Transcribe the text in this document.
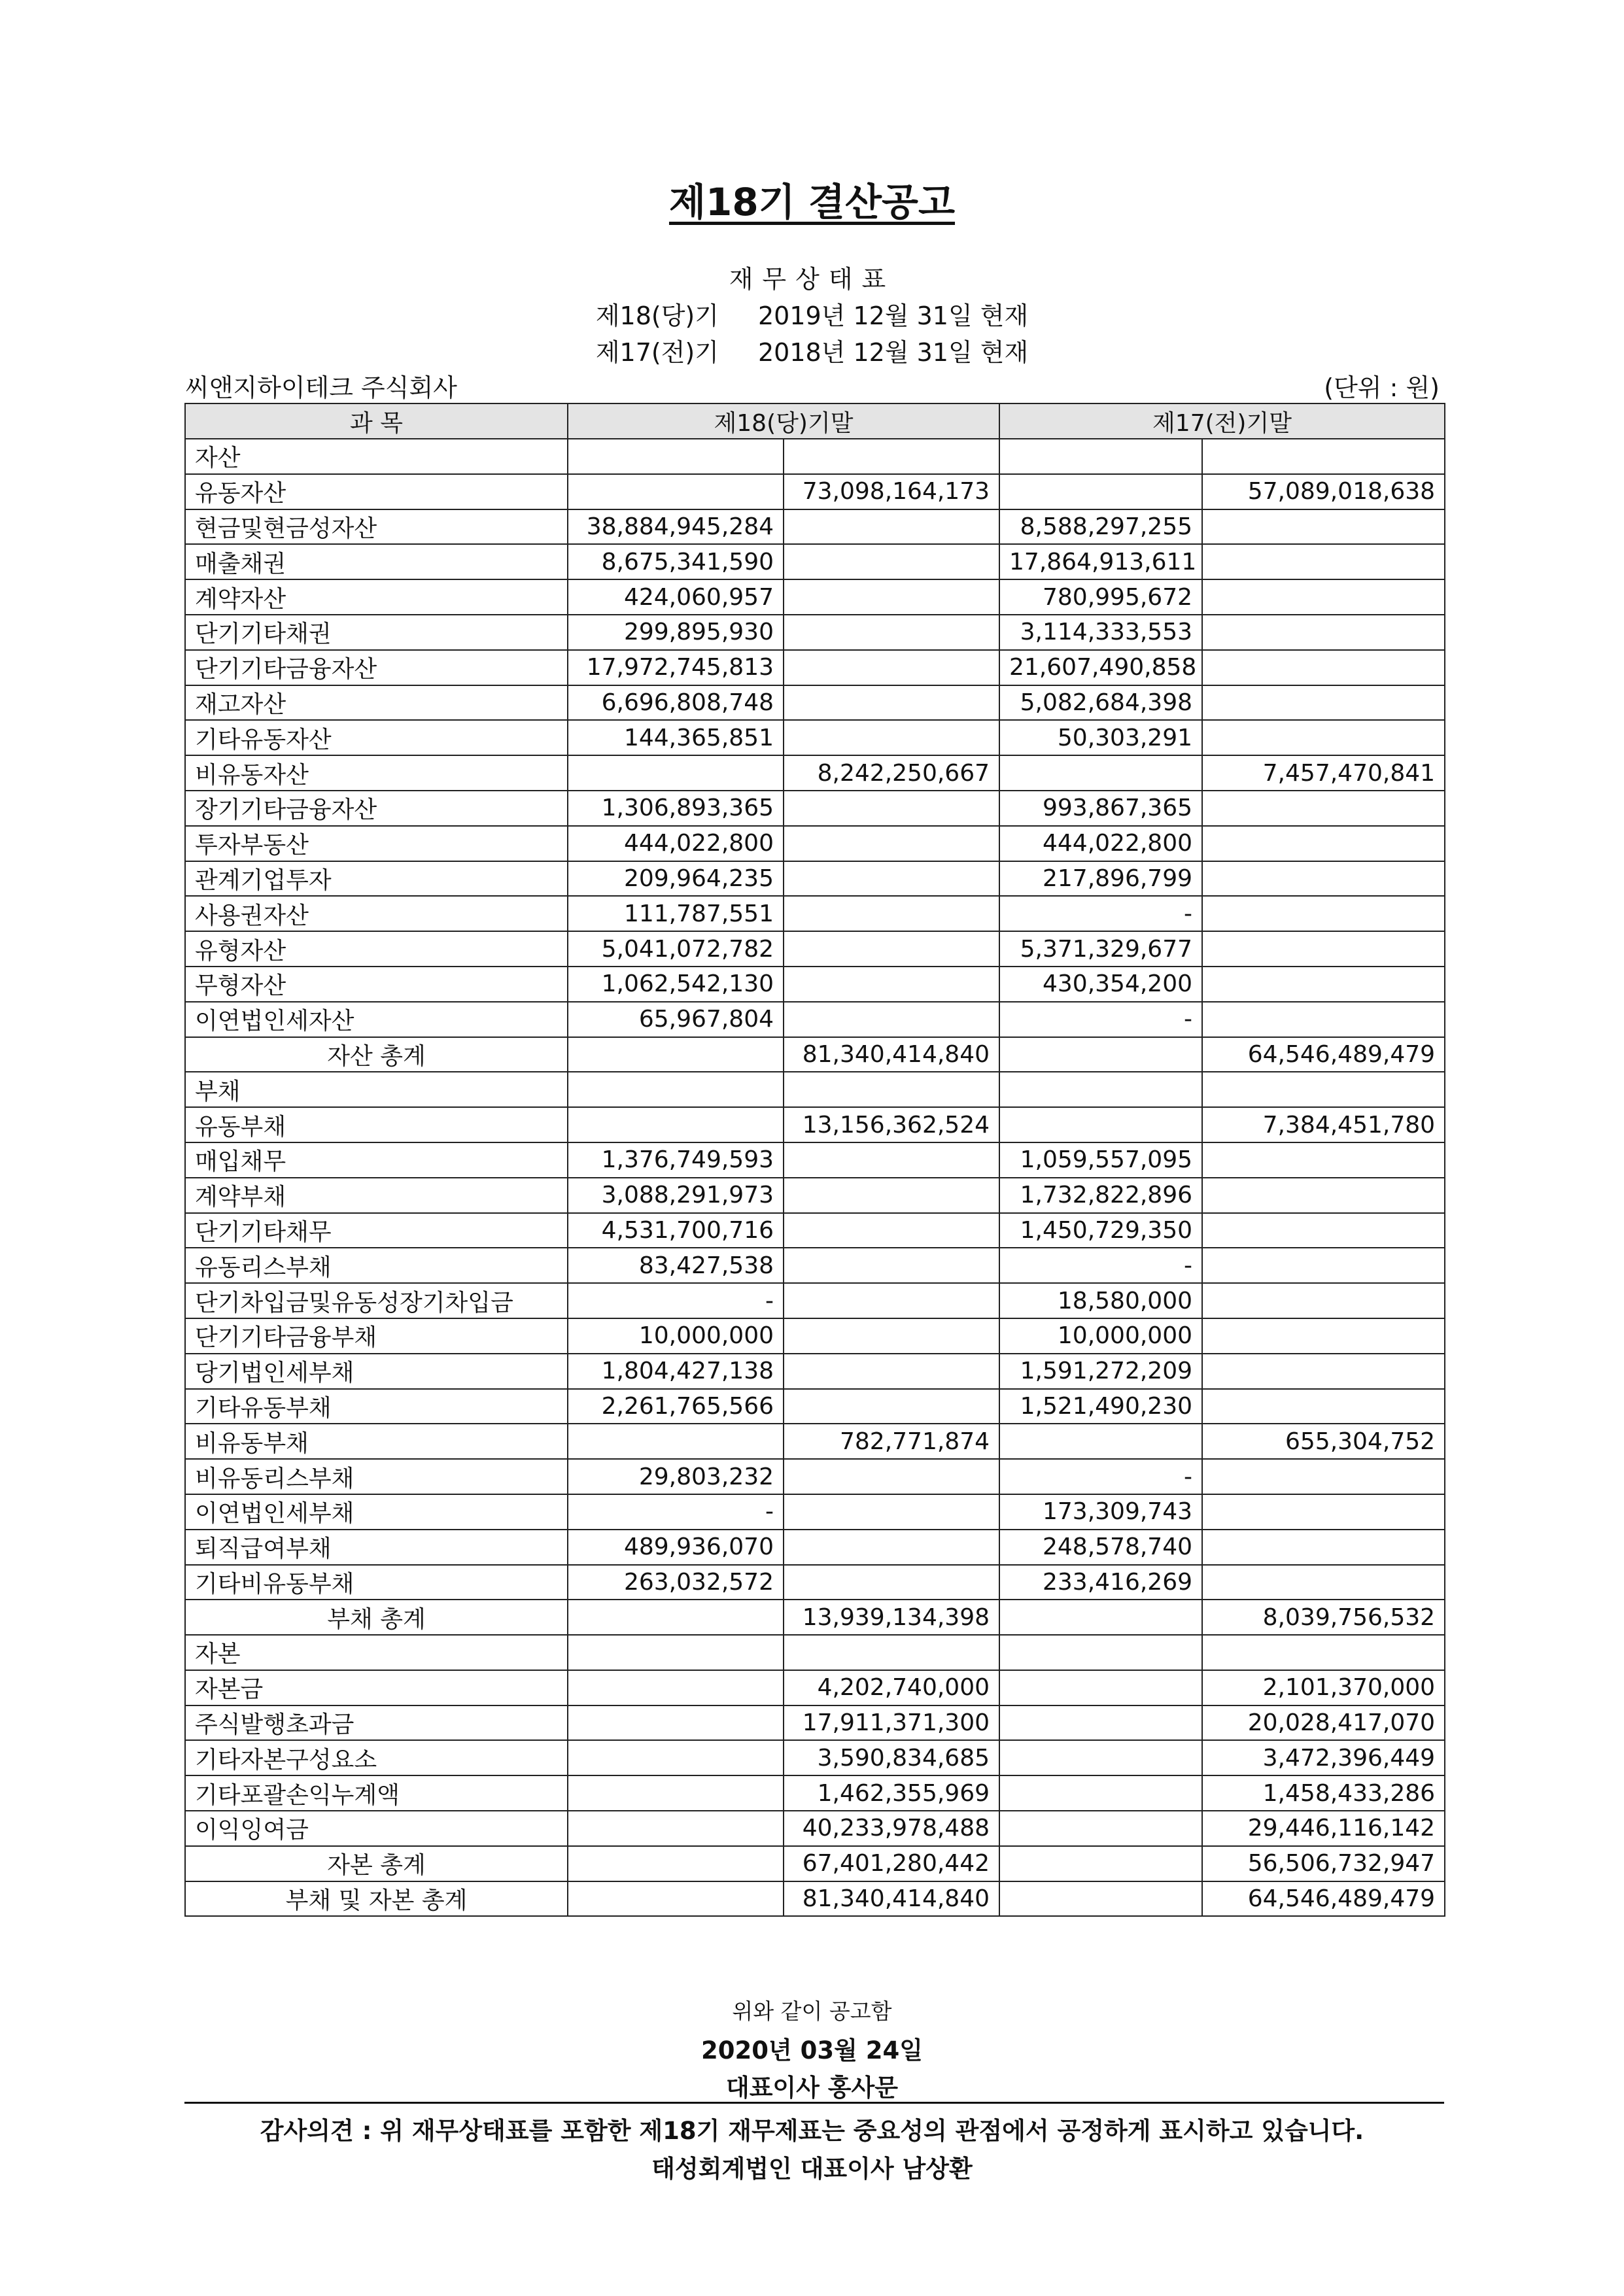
제18기 결산공고
재무상태표
제18(당)기 2019년 12월 31일 현재
제17(전)기 2018년 12월 31일 현재
씨앤지하이테크 주식회사	(단위 : 원)
과 목	제18(당)기말		제17(전)기말	
자산				
유동자산		73,098,164,173		57,089,018,638
현금및현금성자산	38,884,945,284		8,588,297,255	
매출채권	8,675,341,590		17,864,913,611	
계약자산	424,060,957		780,995,672	
단기기타채권	299,895,930		3,114,333,553	
단기기타금융자산	17,972,745,813		21,607,490,858	
재고자산	6,696,808,748		5,082,684,398	
기타유동자산	144,365,851		50,303,291	
비유동자산		8,242,250,667		7,457,470,841
장기기타금융자산	1,306,893,365		993,867,365	
투자부동산	444,022,800		444,022,800	
관계기업투자	209,964,235		217,896,799	
사용권자산	111,787,551		-	
유형자산	5,041,072,782		5,371,329,677	
무형자산	1,062,542,130		430,354,200	
이연법인세자산	65,967,804		-	
자산 총계		81,340,414,840		64,546,489,479
부채				
유동부채		13,156,362,524		7,384,451,780
매입채무	1,376,749,593		1,059,557,095	
계약부채	3,088,291,973		1,732,822,896	
단기기타채무	4,531,700,716		1,450,729,350	
유동리스부채	83,427,538		-	
단기차입금및유동성장기차입금	-		18,580,000	
단기기타금융부채	10,000,000		10,000,000	
당기법인세부채	1,804,427,138		1,591,272,209	
기타유동부채	2,261,765,566		1,521,490,230	
비유동부채		782,771,874		655,304,752
비유동리스부채	29,803,232		-	
이연법인세부채	-		173,309,743	
퇴직급여부채	489,936,070		248,578,740	
기타비유동부채	263,032,572		233,416,269	
부채 총계		13,939,134,398		8,039,756,532
자본				
자본금		4,202,740,000		2,101,370,000
주식발행초과금		17,911,371,300		20,028,417,070
기타자본구성요소		3,590,834,685		3,472,396,449
기타포괄손익누계액		1,462,355,969		1,458,433,286
이익잉여금		40,233,978,488		29,446,116,142
자본 총계		67,401,280,442		56,506,732,947
부채 및 자본 총계		81,340,414,840		64,546,489,479
위와 같이 공고함
2020년 03월 24일
대표이사 홍사문
감사의견 : 위 재무상태표를 포함한 제18기 재무제표는 중요성의 관점에서 공정하게 표시하고 있습니다.
태성회계법인 대표이사 남상환
